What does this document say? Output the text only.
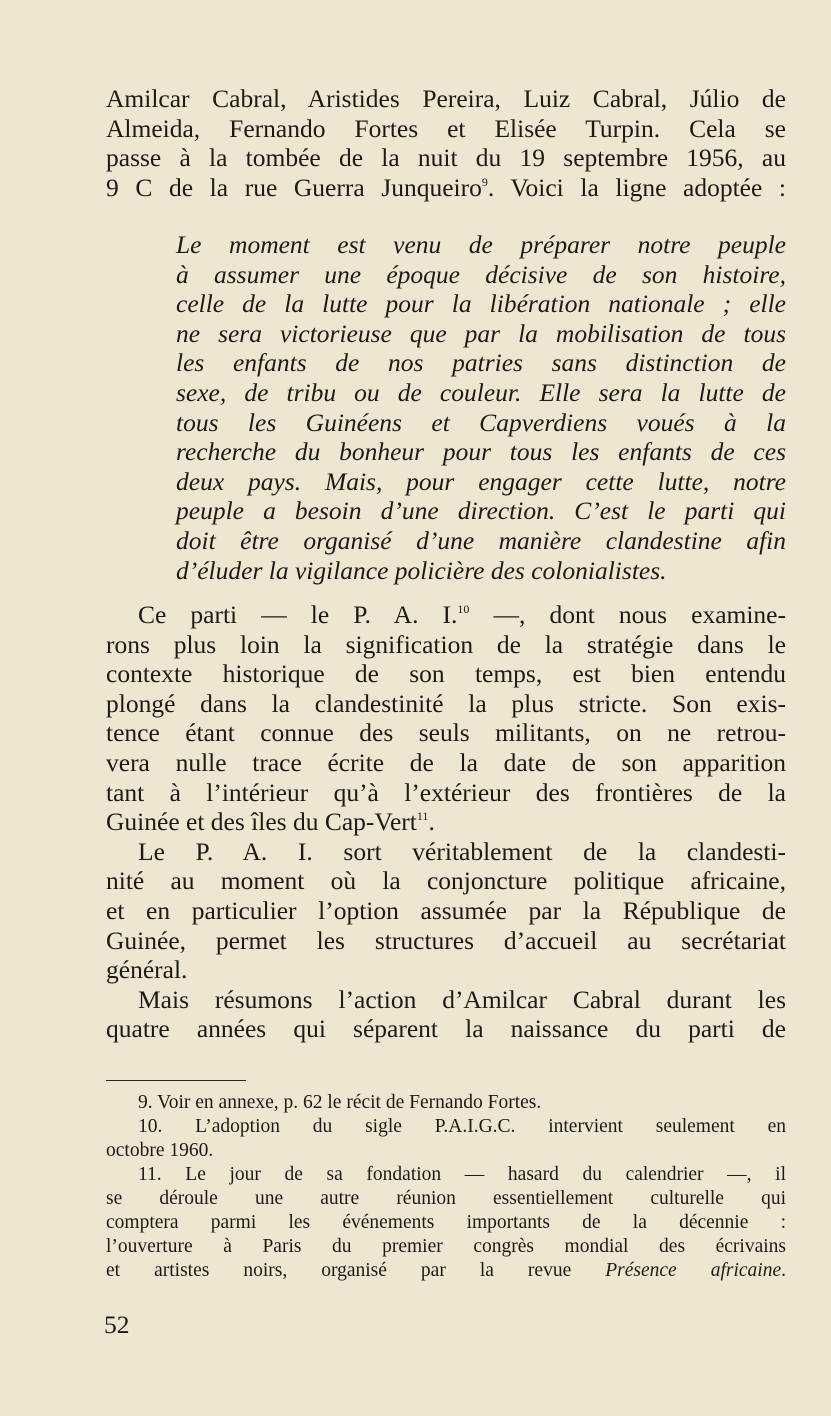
Amilcar Cabral, Aristides Pereira, Luiz Cabral, Júlio de
Almeida, Fernando Fortes et Elisée Turpin. Cela se
passe à la tombée de la nuit du 19 septembre 1956, au
9 C de la rue Guerra Junqueiro$^9$. Voici la ligne adoptée :
Le moment est venu de préparer notre peuple
à assumer une époque décisive de son histoire,
celle de la lutte pour la libération nationale ; elle
ne sera victorieuse que par la mobilisation de tous
les enfants de nos patries sans distinction de
sexe, de tribu ou de couleur. Elle sera la lutte de
tous les Guinéens et Capverdiens voués à la
recherche du bonheur pour tous les enfants de ces
deux pays. Mais, pour engager cette lutte, notre
peuple a besoin d’une direction. C’est le parti qui
doit être organisé d’une manière clandestine afin
d’éluder la vigilance policière des colonialistes.
Ce parti — le P. A. I.$^{10}$ —, dont nous examine-
rons plus loin la signification de la stratégie dans le
contexte historique de son temps, est bien entendu
plongé dans la clandestinité la plus stricte. Son exis-
tence étant connue des seuls militants, on ne retrou-
vera nulle trace écrite de la date de son apparition
tant à l’intérieur qu’à l’extérieur des frontières de la
Guinée et des îles du Cap-Vert$^{11}$.
Le P. A. I. sort véritablement de la clandesti-
nité au moment où la conjoncture politique africaine,
et en particulier l’option assumée par la République de
Guinée, permet les structures d’accueil au secrétariat
général.
Mais résumons l’action d’Amilcar Cabral durant les
quatre années qui séparent la naissance du parti de
9. Voir en annexe, p. 62 le récit de Fernando Fortes.
10. L’adoption du sigle P.A.I.G.C. intervient seulement en
octobre 1960.
11. Le jour de sa fondation — hasard du calendrier —, il
se déroule une autre réunion essentiellement culturelle qui
comptera parmi les événements importants de la décennie :
l’ouverture à Paris du premier congrès mondial des écrivains
et artistes noirs, organisé par la revue Présence africaine.
52
